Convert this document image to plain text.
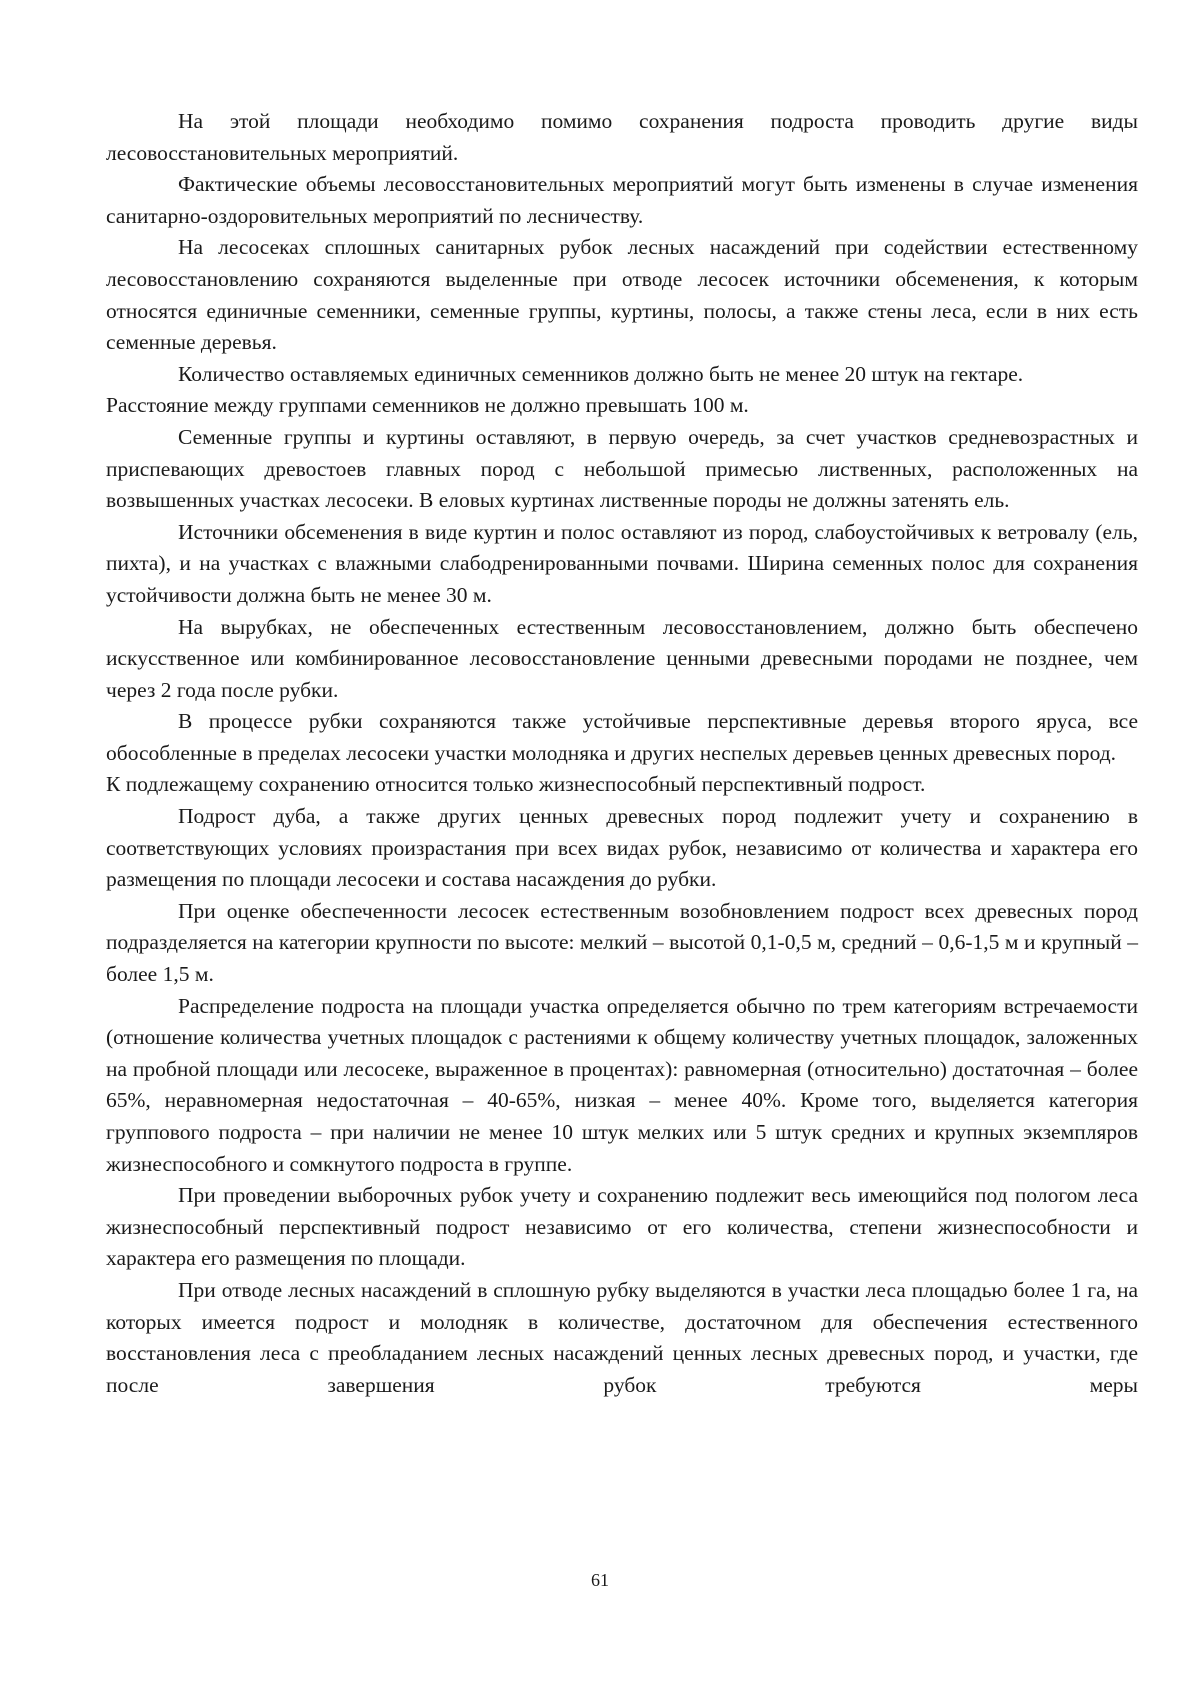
На этой площади необходимо помимо сохранения подроста проводить другие виды лесовосстановительных мероприятий.

Фактические объемы лесовосстановительных мероприятий могут быть изменены в случае изменения санитарно-оздоровительных мероприятий по лесничеству.

На лесосеках сплошных санитарных рубок лесных насаждений при содействии естественному лесовосстановлению сохраняются выделенные при отводе лесосек источники обсеменения, к которым относятся единичные семенники, семенные группы, куртины, полосы, а также стены леса, если в них есть семенные деревья.

Количество оставляемых единичных семенников должно быть не менее 20 штук на гектаре.

Расстояние между группами семенников не должно превышать 100 м.

Семенные группы и куртины оставляют, в первую очередь, за счет участков средневозрастных и приспевающих древостоев главных пород с небольшой примесью лиственных, расположенных на возвышенных участках лесосеки. В еловых куртинах лиственные породы не должны затенять ель.

Источники обсеменения в виде куртин и полос оставляют из пород, слабоустойчивых к ветровалу (ель, пихта), и на участках с влажными слабодренированными почвами. Ширина семенных полос для сохранения устойчивости должна быть не менее 30 м.

На вырубках, не обеспеченных естественным лесовосстановлением, должно быть обеспечено искусственное или комбинированное лесовосстановление ценными древесными породами не позднее, чем через 2 года после рубки.

В процессе рубки сохраняются также устойчивые перспективные деревья второго яруса, все обособленные в пределах лесосеки участки молодняка и других неспелых деревьев ценных древесных пород.

К подлежащему сохранению относится только жизнеспособный перспективный подрост.

Подрост дуба, а также других ценных древесных пород подлежит учету и сохранению в соответствующих условиях произрастания при всех видах рубок, независимо от количества и характера его размещения по площади лесосеки и состава насаждения до рубки.

При оценке обеспеченности лесосек естественным возобновлением подрост всех древесных пород подразделяется на категории крупности по высоте: мелкий – высотой 0,1-0,5 м, средний – 0,6-1,5 м и крупный – более 1,5 м.

Распределение подроста на площади участка определяется обычно по трем категориям встречаемости (отношение количества учетных площадок с растениями к общему количеству учетных площадок, заложенных на пробной площади или лесосеке, выраженное в процентах): равномерная (относительно) достаточная – более 65%, неравномерная недостаточная – 40-65%, низкая – менее 40%. Кроме того, выделяется категория группового подроста – при наличии не менее 10 штук мелких или 5 штук средних и крупных экземпляров жизнеспособного и сомкнутого подроста в группе.

При проведении выборочных рубок учету и сохранению подлежит весь имеющийся под пологом леса жизнеспособный перспективный подрост независимо от его количества, степени жизнеспособности и характера его размещения по площади.

При отводе лесных насаждений в сплошную рубку выделяются в участки леса площадью более 1 га, на которых имеется подрост и молодняк в количестве, достаточном для обеспечения естественного восстановления леса с преобладанием лесных насаждений ценных лесных древесных пород, и участки, где после завершения рубок требуются меры

61
